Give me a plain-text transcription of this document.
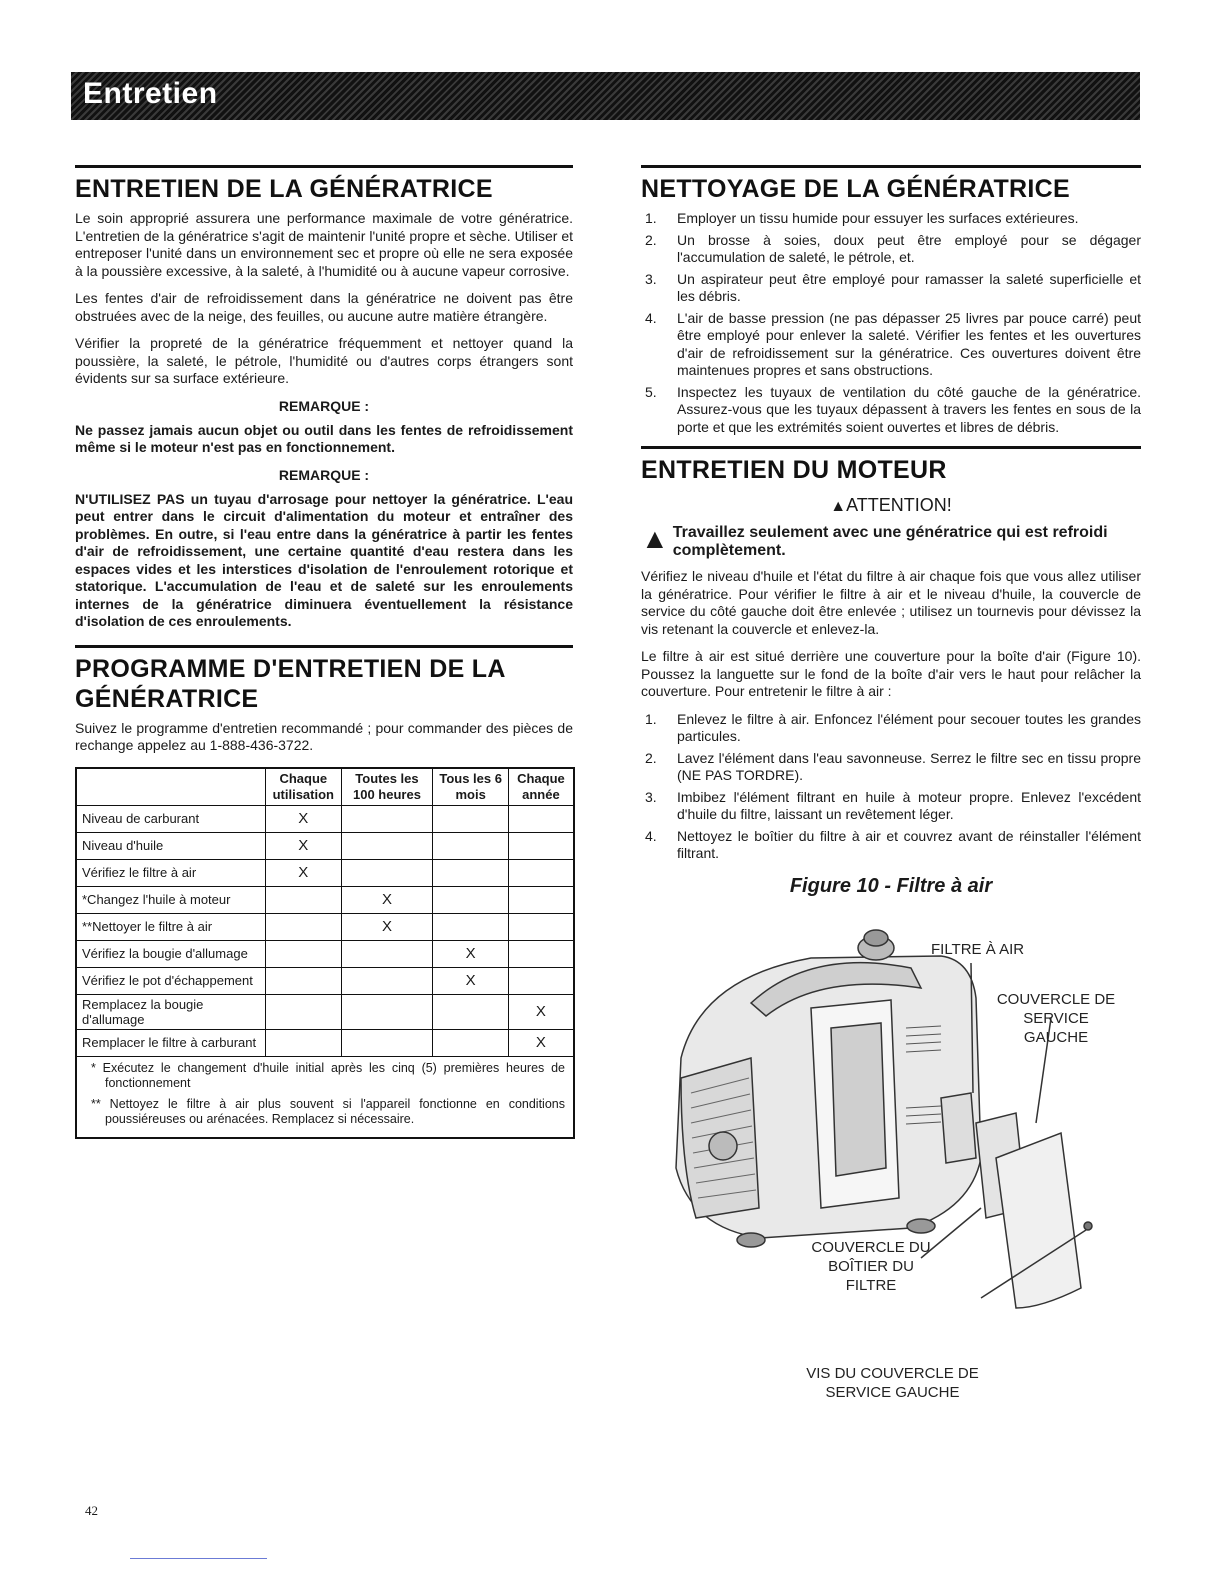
Entretien
ENTRETIEN DE LA GÉNÉRATRICE

Le soin approprié assurera une performance maximale de votre génératrice. L'entretien de la génératrice s'agit de maintenir l'unité propre et sèche. Utiliser et entreposer l'unité dans un environnement sec et propre où elle ne sera exposée à la poussière excessive, à la saleté, à l'humidité ou à aucune vapeur corrosive.

Les fentes d'air de refroidissement dans la génératrice ne doivent pas être obstruées avec de la neige, des feuilles, ou aucune autre matière étrangère.

Vérifier la propreté de la génératrice fréquemment et nettoyer quand la poussière, la saleté, le pétrole, l'humidité ou d'autres corps étrangers sont évidents sur sa surface extérieure.

REMARQUE :
Ne passez jamais aucun objet ou outil dans les fentes de refroidissement même si le moteur n'est pas en fonctionnement.
REMARQUE :
N'UTILISEZ PAS un tuyau d'arrosage pour nettoyer la génératrice. L'eau peut entrer dans le circuit d'alimentation du moteur et entraîner des problèmes. En outre, si l'eau entre dans la génératrice à partir les fentes d'air de refroidissement, une certaine quantité d'eau restera dans les espaces vides et les interstices d'isolation de l'enroulement rotorique et statorique. L'accumulation de l'eau et de saleté sur les enroulements internes de la génératrice diminuera éventuellement la résistance d'isolation de ces enroulements.
PROGRAMME D'ENTRETIEN DE LA GÉNÉRATRICE

Suivez le programme d'entretien recommandé ; pour commander des pièces de rechange appelez au 1-888-436-3722.

	Chaque utilisation	Toutes les 100 heures	Tous les 6 mois	Chaque année
Niveau de carburant	X			
Niveau d'huile	X			
Vérifiez le filtre à air	X			
*Changez l'huile à moteur		X		
**Nettoyer le filtre à air		X		
Vérifiez la bougie d'allumage			X	
Vérifiez le pot d'échappement			X	
Remplacez la bougie d'allumage				X
Remplacer le filtre à carburant				X

* Exécutez le changement d'huile initial après les cinq (5) premières heures de fonctionnement
** Nettoyez le filtre à air plus souvent si l'appareil fonctionne en conditions poussiéreuses ou arénacées. Remplacez si nécessaire.				
NETTOYAGE DE LA GÉNÉRATRICE
1. Employer un tissu humide pour essuyer les surfaces extérieures.
2. Un brosse à soies, doux peut être employé pour se dégager l'accumulation de saleté, le pétrole, et.
3. Un aspirateur peut être employé pour ramasser la saleté superficielle et les débris.
4. L'air de basse pression (ne pas dépasser 25 livres par pouce carré) peut être employé pour enlever la saleté. Vérifier les fentes et les ouvertures d'air de refroidissement sur la génératrice. Ces ouvertures doivent être maintenues propres et sans obstructions.
5. Inspectez les tuyaux de ventilation du côté gauche de la génératrice. Assurez-vous que les tuyaux dépassent à travers les fentes en sous de la porte et que les extrémités soient ouvertes et libres de débris.
ENTRETIEN DU MOTEUR
▲ATTENTION!
▲ Travaillez seulement avec une génératrice qui est refroidi complètement.

Vérifiez le niveau d'huile et l'état du filtre à air chaque fois que vous allez utiliser la génératrice. Pour vérifier le filtre à air et le niveau d'huile, la couvercle de service du côté gauche doit être enlevée ; utilisez un tournevis pour dévissez la vis retenant la couvercle et enlevez-la.

Le filtre à air est situé derrière une couverture pour la boîte d'air (Figure 10). Poussez la languette sur le fond de la boîte d'air vers le haut pour relâcher la couverture. Pour entretenir le filtre à air :

1. Enlevez le filtre à air. Enfoncez l'élément pour secouer toutes les grandes particules.
2. Lavez l'élément dans l'eau savonneuse. Serrez le filtre sec en tissu propre (NE PAS TORDRE).
3. Imbibez l'élément filtrant en huile à moteur propre. Enlevez l'excédent d'huile du filtre, laissant un revêtement léger.
4. Nettoyez le boîtier du filtre à air et couvrez avant de réinstaller l'élément filtrant.
Figure 10 - Filtre à air
FILTRE À AIR
COUVERCLE DE SERVICE GAUCHE
COUVERCLE DU BOÎTIER DU FILTRE
VIS DU COUVERCLE DE SERVICE GAUCHE
42
